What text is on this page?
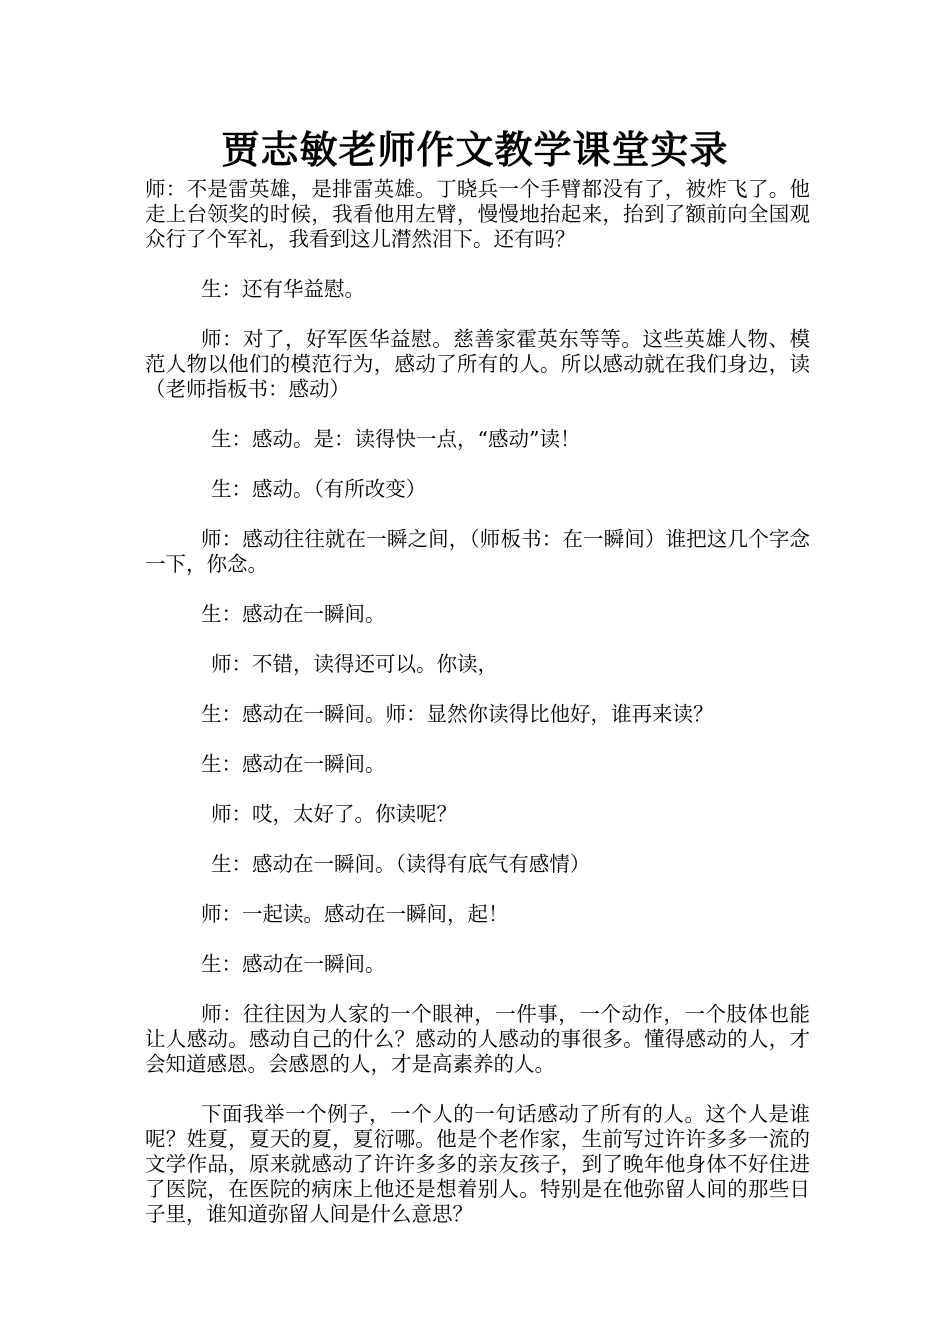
贾志敏老师作文教学课堂实录

师：不是雷英雄，是排雷英雄。丁晓兵一个手臂都没有了，被炸飞了。他走上台领奖的时候，我看他用左臂，慢慢地抬起来，抬到了额前向全国观众行了个军礼，我看到这儿潸然泪下。还有吗？

生：还有华益慰。

师：对了，好军医华益慰。慈善家霍英东等等。这些英雄人物、模范人物以他们的模范行为，感动了所有的人。所以感动就在我们身边，读（老师指板书：感动）

生：感动。是：读得快一点，“感动”读！

生：感动。（有所改变）

师：感动往往就在一瞬之间，（师板书：在一瞬间）谁把这几个字念一下，你念。

生：感动在一瞬间。

师：不错，读得还可以。你读，

生：感动在一瞬间。师：显然你读得比他好，谁再来读？

生：感动在一瞬间。

师：哎，太好了。你读呢？

生：感动在一瞬间。（读得有底气有感情）

师：一起读。感动在一瞬间，起！

生：感动在一瞬间。

师：往往因为人家的一个眼神，一件事，一个动作，一个肢体也能让人感动。感动自己的什么？感动的人感动的事很多。懂得感动的人，才会知道感恩。会感恩的人，才是高素养的人。

下面我举一个例子，一个人的一句话感动了所有的人。这个人是谁呢？姓夏，夏天的夏，夏衍哪。他是个老作家，生前写过许许多多一流的文学作品，原来就感动了许许多多的亲友孩子，到了晚年他身体不好住进了医院，在医院的病床上他还是想着别人。特别是在他弥留人间的那些日子里，谁知道弥留人间是什么意思？
